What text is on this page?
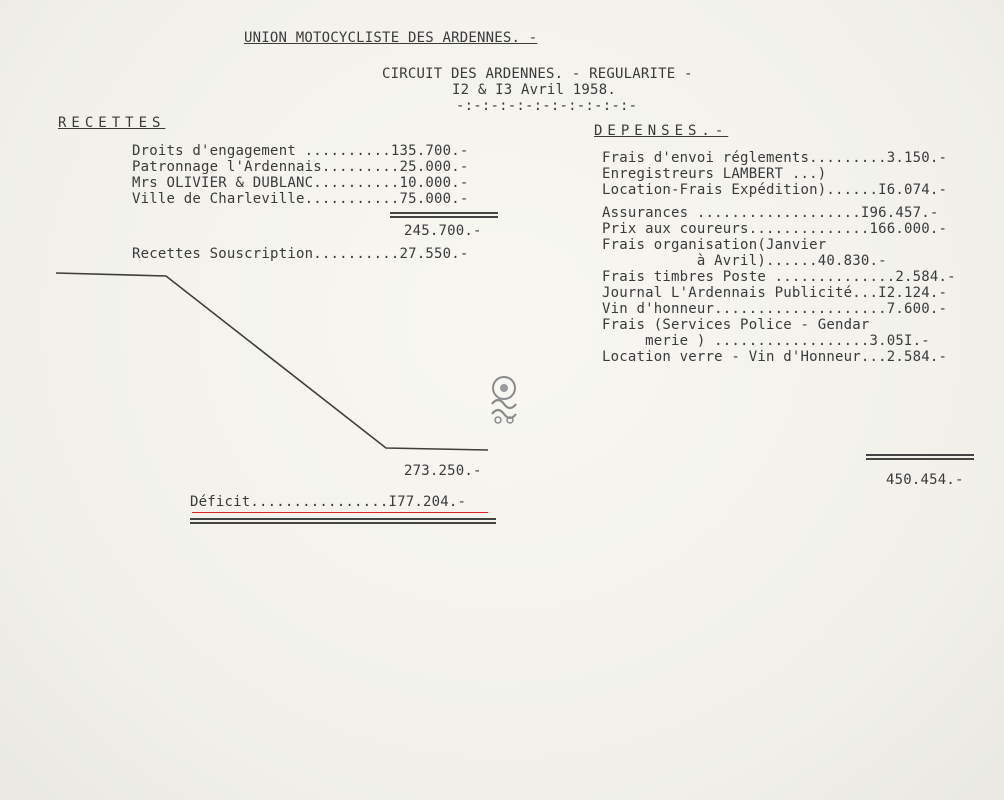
UNION MOTOCYCLISTE DES ARDENNES. -
CIRCUIT DES ARDENNES. - REGULARITE -
I2 & I3 Avril 1958.
-:-:-:-:-:-:-:-:-:-:-
RECETTES
Droits d'engagement ..........135.700.-
Patronnage l'Ardennais.........25.000.-
Mrs OLIVIER & DUBLANC..........10.000.-
Ville de Charleville...........75.000.-
245.700.-
Recettes Souscription..........27.550.-
273.250.-
Déficit................I77.204.-
DEPENSES.-
Frais d'envoi réglements.........3.150.-
Enregistreurs LAMBERT ...)
Location-Frais Expédition)......I6.074.-
Assurances ...................I96.457.-
Prix aux coureurs..............166.000.-
Frais organisation(Janvier
à Avril)......40.830.-
Frais timbres Poste ..............2.584.-
Journal L'Ardennais Publicité...I2.124.-
Vin d'honneur....................7.600.-
Frais (Services Police - Gendar
merie ) ..................3.05I.-
Location verre - Vin d'Honneur...2.584.-
450.454.-
